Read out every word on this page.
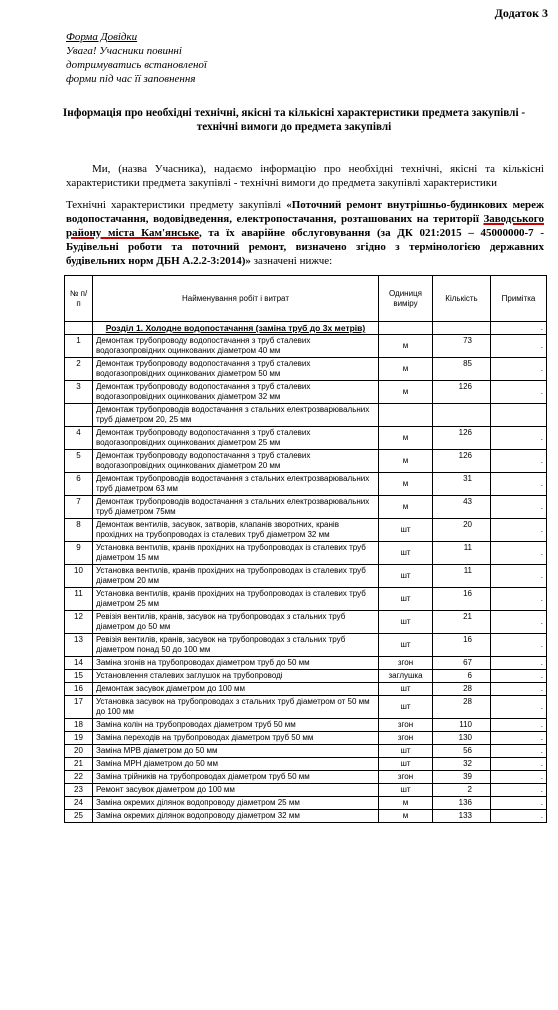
Додаток 3
Форма Довідки
Увага! Учасники повинні
дотримуватись встановленої
форми під час її заповнення
Інформація про необхідні технічні, якісні та кількісні характеристики предмета закупівлі - технічні вимоги до предмета закупівлі
Ми, (назва Учасника), надаємо інформацію про необхідні технічні, якісні та кількісні характеристики предмета закупівлі - технічні вимоги до предмета закупівлі характеристики
Технічні характеристики предмету закупівлі «Поточний ремонт внутрішньо-будинкових мереж водопостачання, водовідведення, електропостачання, розташованих на території Заводського району міста Кам'янське, та їх аварійне обслуговування (за ДК 021:2015 – 45000000-7 - Будівельні роботи та поточний ремонт, визначено згідно з термінологією державних будівельних норм ДБН А.2.2-3:2014)» зазначені нижче:
№ п/п	Найменування робіт і витрат	Одиниця виміру	Кількість	Примітка
	Розділ 1. Холодне водопостачання (заміна труб до 3х метрів)			.
1	Демонтаж трубопроводу водопостачання з труб сталевих водогазопровідних оцинкованих діаметром 40 мм	м	73	.
2	Демонтаж трубопроводу водопостачання з труб сталевих водогазопровідних оцинкованих діаметром 50 мм	м	85	.
3	Демонтаж трубопроводу водопостачання з труб сталевих водогазопровідних оцинкованих діаметром 32 мм	м	126	.
	Демонтаж трубопроводів водостачання з стальних електрозварювальних труб діаметром 20, 25 мм			
4	Демонтаж трубопроводу водопостачання з труб сталевих водогазопровідних оцинкованих діаметром 25 мм	м	126	.
5	Демонтаж трубопроводу водопостачання з труб сталевих водогазопровідних оцинкованих діаметром 20 мм	м	126	.
6	Демонтаж трубопроводів водостачання з стальних електрозварювальних труб діаметром 63 мм	м	31	.
7	Демонтаж трубопроводів водостачання з стальних електрозварювальних труб діаметром 75мм	м	43	.
8	Демонтаж вентилів, засувок, затворів, клапанів зворотних, кранів прохідних на трубопроводах із сталевих труб діаметром 32 мм	шт	20	.
9	Установка вентилів, кранів прохідних на трубопроводах із сталевих труб діаметром 15 мм	шт	11	.
10	Установка вентилів, кранів прохідних на трубопроводах із сталевих труб діаметром 20 мм	шт	11	.
11	Установка вентилів, кранів прохідних на трубопроводах із сталевих труб діаметром 25 мм	шт	16	.
12	Ревізія вентилів, кранів, засувок на трубопроводах з стальних труб діаметром до 50 мм	шт	21	.
13	Ревізія вентилів, кранів, засувок на трубопроводах з стальних труб діаметром понад 50 до 100 мм	шт	16	.
14	Заміна згонів на трубопроводах діаметром труб до 50 мм	згон	67	.
15	Установлення сталевих заглушок на трубопроводі	заглушка	6	.
16	Демонтаж засувок діаметром до 100 мм	шт	28	.
17	Установка засувок на трубопроводах з стальних труб діаметром от 50 мм до 100 мм	шт	28	.
18	Заміна колін на трубопроводах діаметром труб 50 мм	згон	110	.
19	Заміна переходів на трубопроводах діаметром труб 50 мм	згон	130	.
20	Заміна МРВ діаметром до 50 мм	шт	56	.
21	Заміна МРН діаметром до 50 мм	шт	32	.
22	Заміна трійників на трубопроводах діаметром труб 50 мм	згон	39	.
23	Ремонт засувок діаметром до 100 мм	шт	2	.
24	Заміна окремих ділянок водопроводу діаметром 25 мм	м	136	.
25	Заміна окремих ділянок водопроводу діаметром 32 мм	м	133	.
